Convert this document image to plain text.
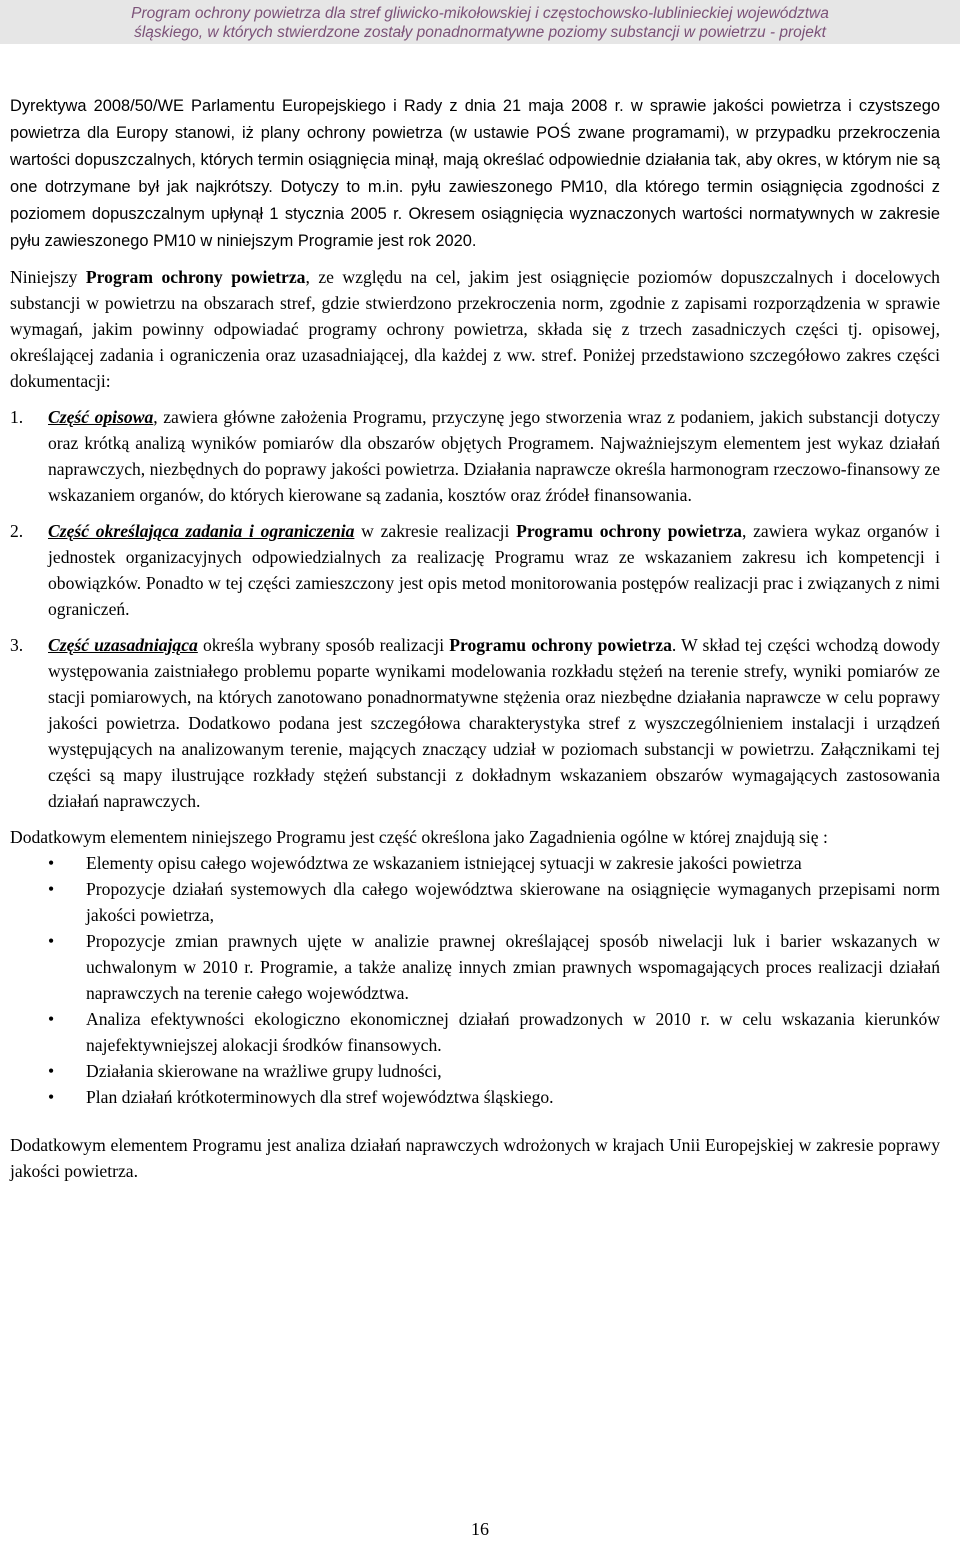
Program ochrony powietrza dla stref gliwicko-mikołowskiej i częstochowsko-lublinieckiej województwa
śląskiego, w których stwierdzone zostały ponadnormatywne poziomy substancji w powietrzu - projekt

Dyrektywa 2008/50/WE Parlamentu Europejskiego i Rady z dnia 21 maja 2008 r. w sprawie jakości powietrza i czystszego powietrza dla Europy stanowi, iż plany ochrony powietrza (w ustawie POŚ zwane programami), w przypadku przekroczenia wartości dopuszczalnych, których termin osiągnięcia minął, mają określać odpowiednie działania tak, aby okres, w którym nie są one dotrzymane był jak najkrótszy. Dotyczy to m.in. pyłu zawieszonego PM10, dla którego termin osiągnięcia zgodności z poziomem dopuszczalnym upłynął 1 stycznia 2005 r. Okresem osiągnięcia wyznaczonych wartości normatywnych w zakresie pyłu zawieszonego PM10 w niniejszym Programie jest rok 2020.

Niniejszy Program ochrony powietrza, ze względu na cel, jakim jest osiągnięcie poziomów dopuszczalnych i docelowych substancji w powietrzu na obszarach stref, gdzie stwierdzono przekroczenia norm, zgodnie z zapisami rozporządzenia w sprawie wymagań, jakim powinny odpowiadać programy ochrony powietrza, składa się z trzech zasadniczych części tj. opisowej, określającej zadania i ograniczenia oraz uzasadniającej, dla każdej z ww. stref. Poniżej przedstawiono szczegółowo zakres części dokumentacji:

1.	Część opisowa, zawiera główne założenia Programu, przyczynę jego stworzenia wraz z podaniem, jakich substancji dotyczy oraz krótką analizą wyników pomiarów dla obszarów objętych Programem. Najważniejszym elementem jest wykaz działań naprawczych, niezbędnych do poprawy jakości powietrza. Działania naprawcze określa harmonogram rzeczowo-finansowy ze wskazaniem organów, do których kierowane są zadania, kosztów oraz źródeł finansowania.
2.	Część określająca zadania i ograniczenia w zakresie realizacji Programu ochrony powietrza, zawiera wykaz organów i jednostek organizacyjnych odpowiedzialnych za realizację Programu wraz ze wskazaniem zakresu ich kompetencji i obowiązków. Ponadto w tej części zamieszczony jest opis metod monitorowania postępów realizacji prac i związanych z nimi ograniczeń.
3.	Część uzasadniająca określa wybrany sposób realizacji Programu ochrony powietrza. W skład tej części wchodzą dowody występowania zaistniałego problemu poparte wynikami modelowania rozkładu stężeń na terenie strefy, wyniki pomiarów ze stacji pomiarowych, na których zanotowano ponadnormatywne stężenia oraz niezbędne działania naprawcze w celu poprawy jakości powietrza. Dodatkowo podana jest szczegółowa charakterystyka stref z wyszczególnieniem instalacji i urządzeń występujących na analizowanym terenie, mających znaczący udział w poziomach substancji w powietrzu. Załącznikami tej części są mapy ilustrujące rozkłady stężeń substancji z dokładnym wskazaniem obszarów wymagających zastosowania działań naprawczych.

Dodatkowym elementem niniejszego Programu jest część określona jako Zagadnienia ogólne w której znajdują się :

•	Elementy opisu całego województwa ze wskazaniem istniejącej sytuacji w zakresie jakości powietrza
•	Propozycje działań systemowych dla całego województwa skierowane na osiągnięcie wymaganych przepisami norm jakości powietrza,
•	Propozycje zmian prawnych ujęte w analizie prawnej określającej sposób niwelacji luk i barier wskazanych w uchwalonym w 2010 r. Programie, a także analizę innych zmian prawnych wspomagających proces realizacji działań naprawczych na terenie całego województwa.
•	Analiza efektywności ekologiczno ekonomicznej działań prowadzonych w 2010 r. w celu wskazania kierunków najefektywniejszej alokacji środków finansowych.
•	Działania skierowane na wrażliwe grupy ludności,
•	Plan działań krótkoterminowych dla stref województwa śląskiego.

Dodatkowym elementem Programu jest analiza działań naprawczych wdrożonych w krajach Unii Europejskiej w zakresie poprawy jakości powietrza.

16
